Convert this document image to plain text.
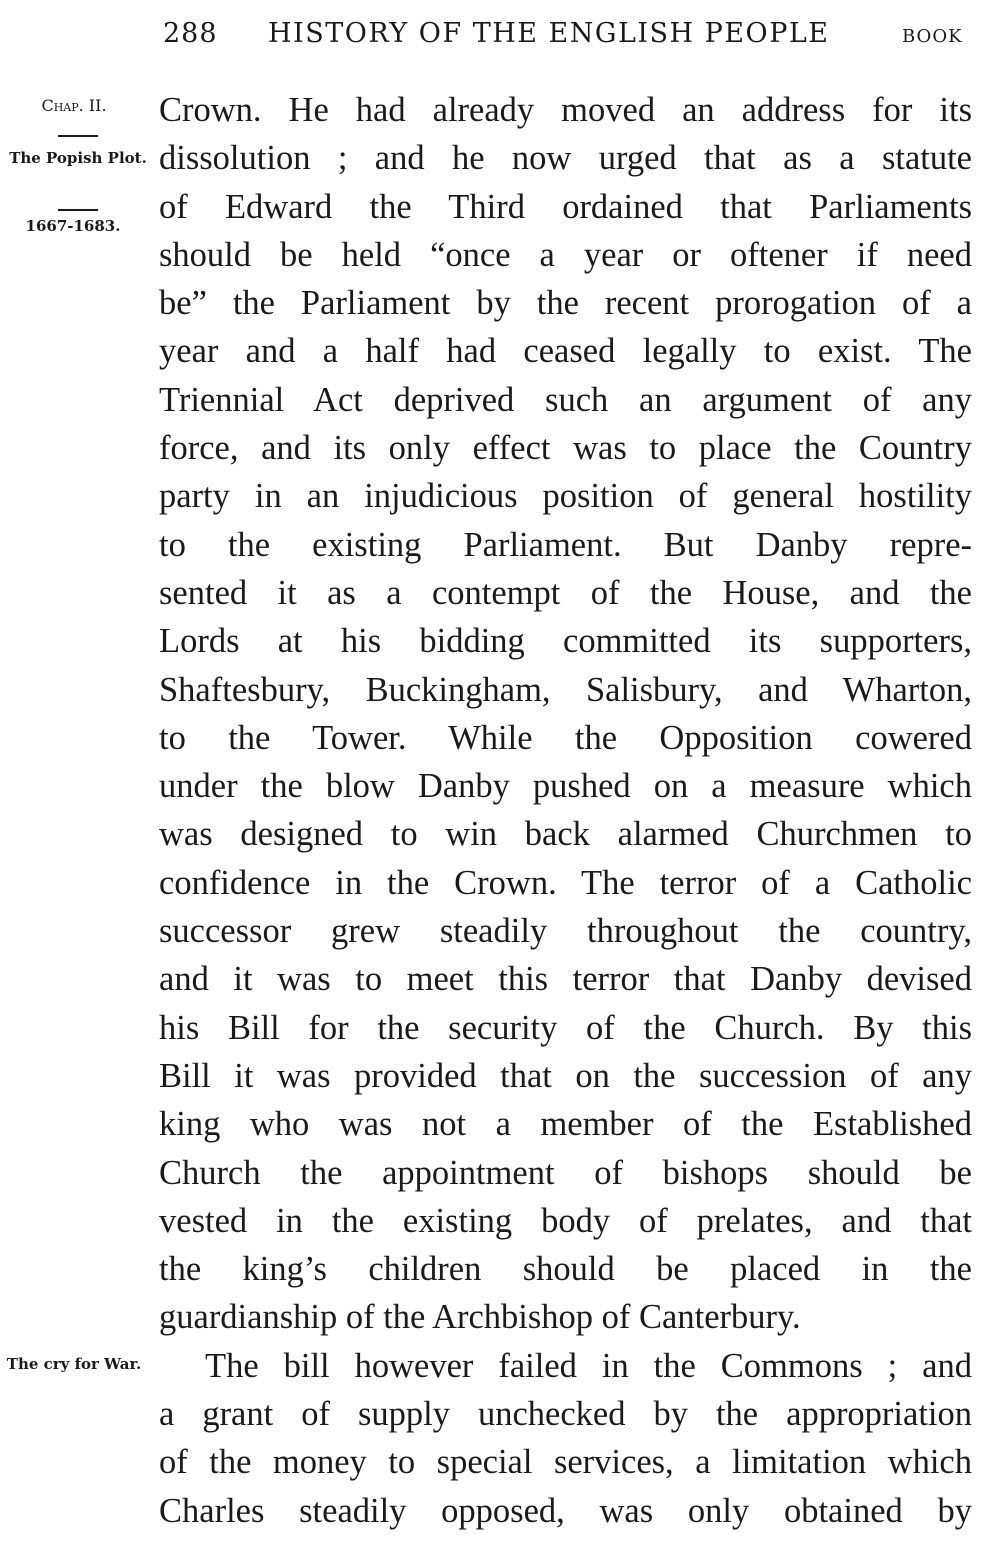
288 HISTORY OF THE ENGLISH PEOPLE	BOOK
Chap. II.
The Popish Plot.
1667-1683.
The cry for War.
Crown. He had already moved an address for its
dissolution ; and he now urged that as a statute
of Edward the Third ordained that Parliaments
should be held “once a year or oftener if need
be” the Parliament by the recent prorogation of a
year and a half had ceased legally to exist. The
Triennial Act deprived such an argument of any
force, and its only effect was to place the Country
party in an injudicious position of general hostility
to the existing Parliament. But Danby repre-
sented it as a contempt of the House, and the
Lords at his bidding committed its supporters,
Shaftesbury, Buckingham, Salisbury, and Wharton,
to the Tower. While the Opposition cowered
under the blow Danby pushed on a measure which
was designed to win back alarmed Churchmen to
confidence in the Crown. The terror of a Catholic
successor grew steadily throughout the country,
and it was to meet this terror that Danby devised
his Bill for the security of the Church. By this
Bill it was provided that on the succession of any
king who was not a member of the Established
Church the appointment of bishops should be
vested in the existing body of prelates, and that
the king’s children should be placed in the
guardianship of the Archbishop of Canterbury.
The bill however failed in the Commons ; and
a grant of supply unchecked by the appropriation
of the money to special services, a limitation which
Charles steadily opposed, was only obtained by
